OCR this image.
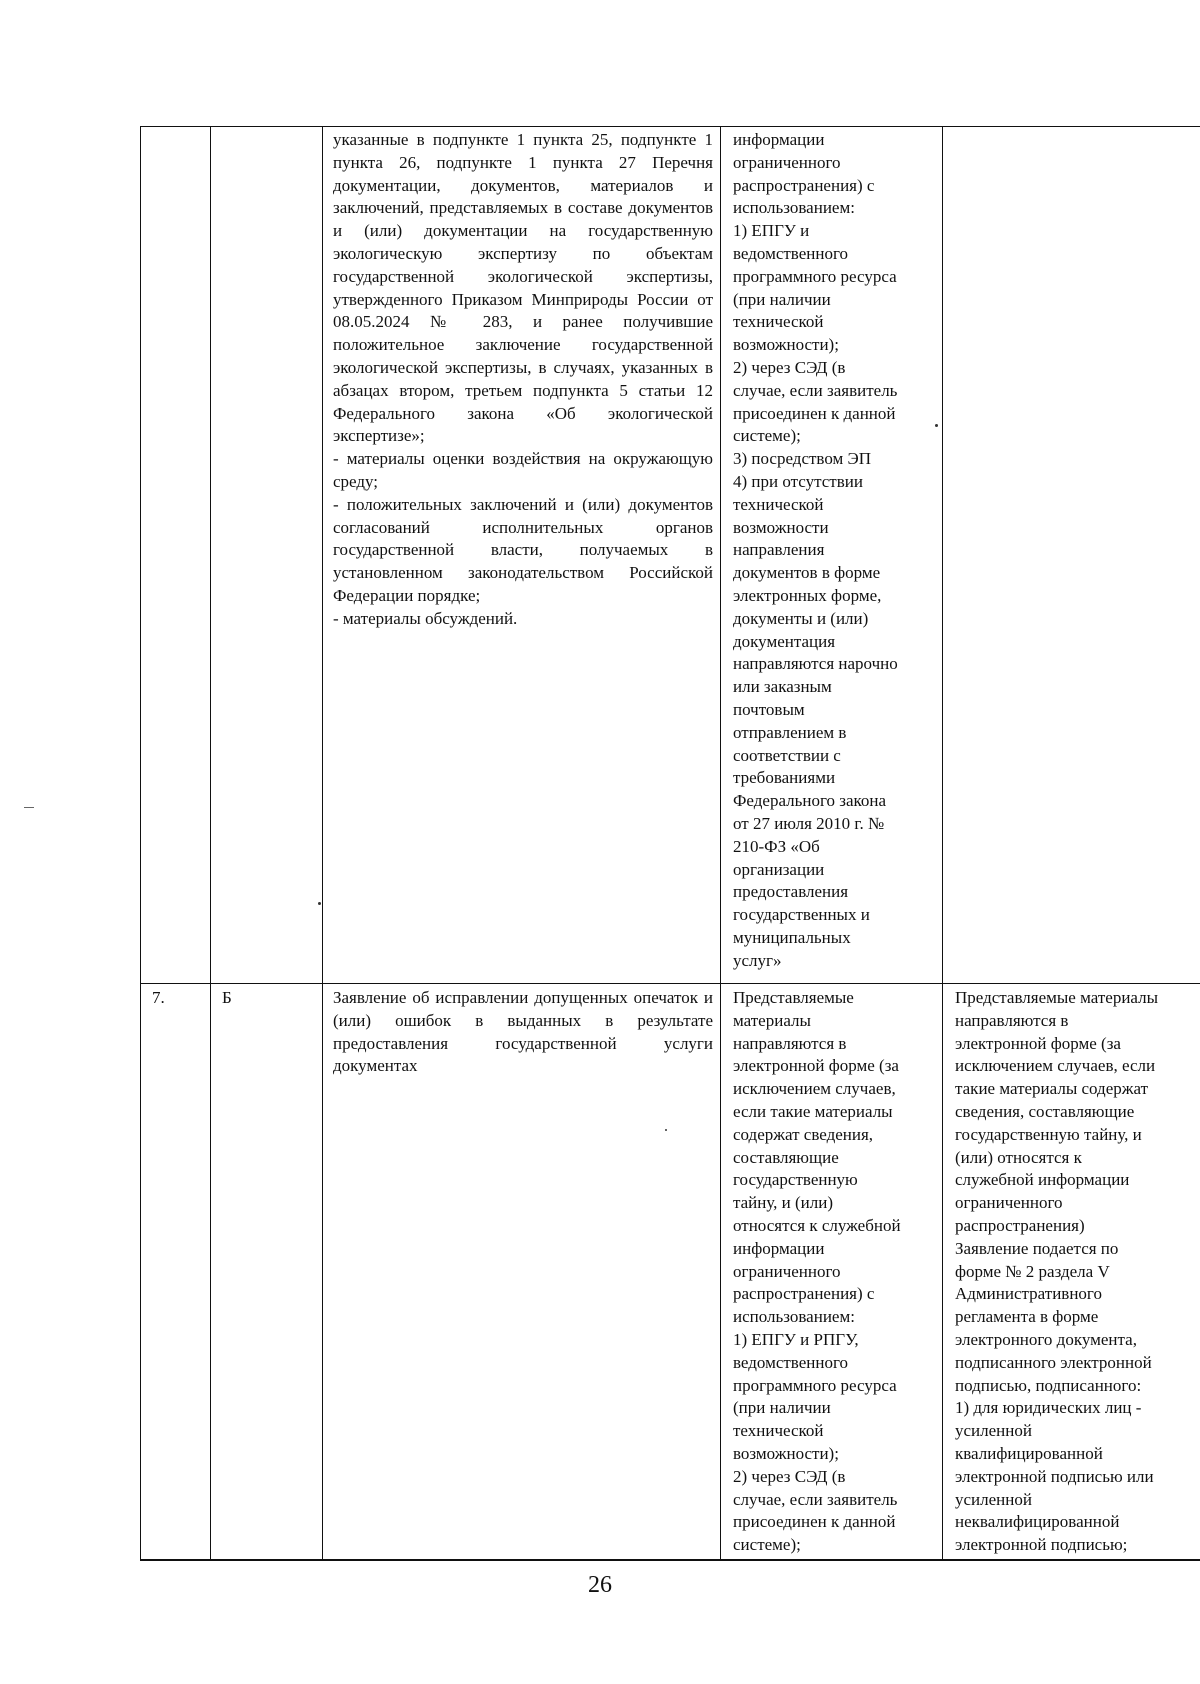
указанные в подпункте 1 пункта 25, подпункте 1 пункта 26, подпункте 1 пункта 27 Перечня документации, документов, материалов и заключений, представляемых в составе документов и (или) документации на государственную экологическую экспертизу по объектам государственной экологической экспертизы, утвержденного Приказом Минприроды России от 08.05.2024 № 283, и ранее получившие положительное заключение государственной экологической экспертизы, в случаях, указанных в абзацах втором, третьем подпункта 5 статьи 12 Федерального закона «Об экологической экспертизе»;
- материалы оценки воздействия на окружающую среду;
- положительных заключений и (или) документов согласований исполнительных органов государственной власти, получаемых в установленном законодательством Российской Федерации порядке;
- материалы обсуждений.
информации
ограниченного
распространения) с
использованием:
1) ЕПГУ и
ведомственного
программного ресурса
(при наличии
технической
возможности);
2) через СЭД (в
случае, если заявитель
присоединен к данной
системе);
3) посредством ЭП
4) при отсутствии
технической
возможности
направления
документов в форме
электронных форме,
документы и (или)
документация
направляются нарочно
или заказным
почтовым
отправлением в
соответствии с
требованиями
Федерального закона
от 27 июля 2010 г. №
210-ФЗ «Об
организации
предоставления
государственных и
муниципальных
услуг»
7.	Б	Заявление об исправлении допущенных опечаток и (или) ошибок в выданных в результате предоставления государственной услуги документах
Представляемые
материалы
направляются в
электронной форме (за
исключением случаев,
если такие материалы
содержат сведения,
составляющие
государственную
тайну, и (или)
относятся к служебной
информации
ограниченного
распространения) с
использованием:
1) ЕПГУ и РПГУ,
ведомственного
программного ресурса
(при наличии
технической
возможности);
2) через СЭД (в
случае, если заявитель
присоединен к данной
системе);
Представляемые материалы
направляются в
электронной форме (за
исключением случаев, если
такие материалы содержат
сведения, составляющие
государственную тайну, и
(или) относятся к
служебной информации
ограниченного
распространения)
Заявление подается по
форме № 2 раздела V
Административного
регламента в форме
электронного документа,
подписанного электронной
подписью, подписанного:
1) для юридических лиц -
усиленной
квалифицированной
электронной подписью или
усиленной
неквалифицированной
электронной подписью;
26
